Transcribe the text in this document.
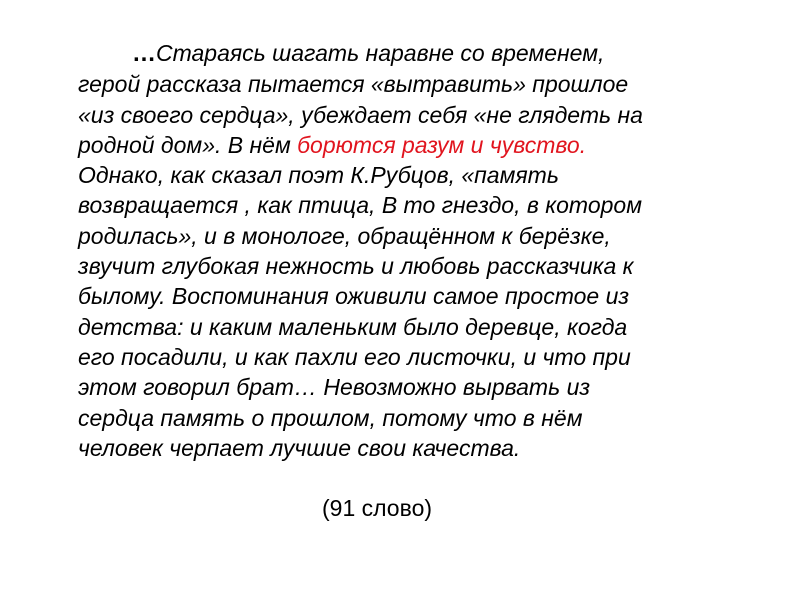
…Стараясь шагать наравне со временем,
герой рассказа пытается «вытравить» прошлое
«из своего сердца», убеждает себя «не глядеть на
родной дом». В нём борются разум и чувство.
Однако, как сказал поэт К.Рубцов, «память
возвращается , как птица, В то гнездо, в котором
родилась», и в монологе, обращённом к берёзке,
звучит глубокая нежность и любовь рассказчика к
былому. Воспоминания оживили самое простое из
детства: и каким маленьким было деревце, когда
его посадили, и как пахли его листочки, и что при
этом говорил брат… Невозможно вырвать из
сердца память о прошлом, потому что в нём
человек черпает лучшие свои качества.
(91 слово)
